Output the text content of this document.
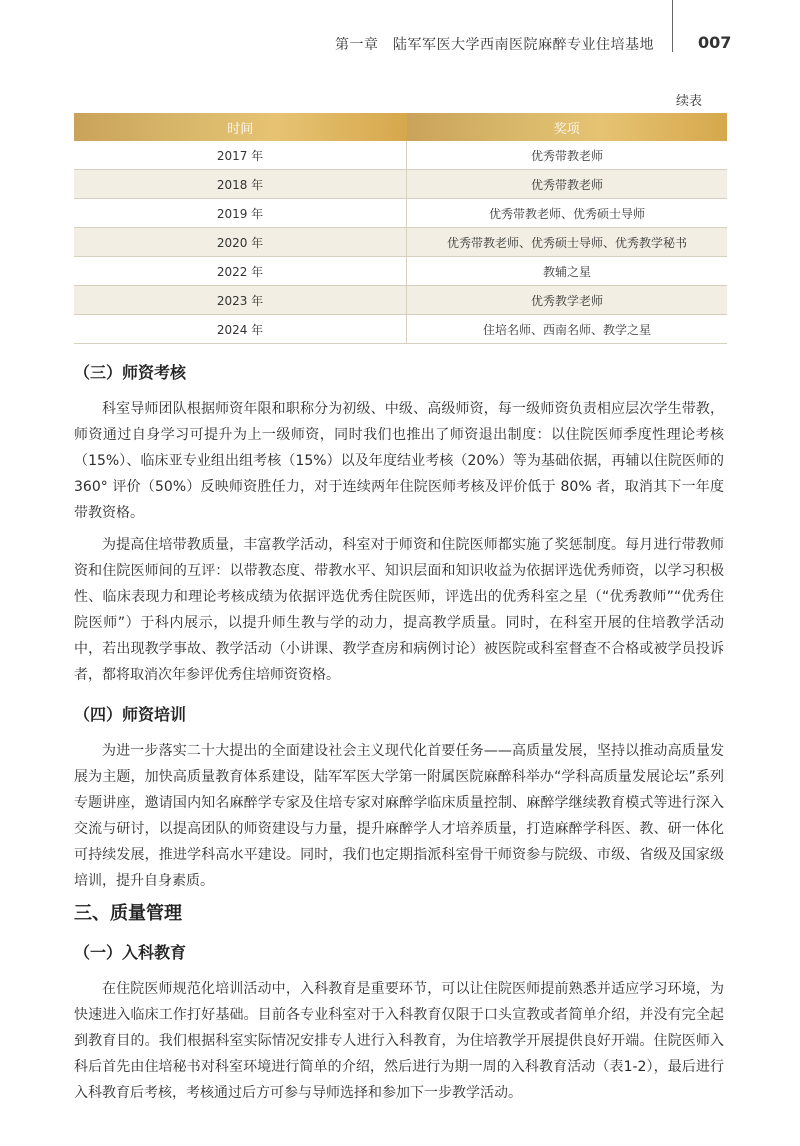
第一章　陆军军医大学西南医院麻醉专业住培基地	007
续表
时间	奖项
2017 年	优秀带教老师
2018 年	优秀带教老师
2019 年	优秀带教老师、优秀硕士导师
2020 年	优秀带教老师、优秀硕士导师、优秀教学秘书
2022 年	教辅之星
2023 年	优秀教学老师
2024 年	住培名师、西南名师、教学之星
（三）师资考核

科室导师团队根据师资年限和职称分为初级、中级、高级师资，每一级师资负责相应层次学生带教，师资通过自身学习可提升为上一级师资，同时我们也推出了师资退出制度：以住院医师季度性理论考核（15%）、临床亚专业组出组考核（15%）以及年度结业考核（20%）等为基础依据，再辅以住院医师的 360° 评价（50%）反映师资胜任力，对于连续两年住院医师考核及评价低于 80% 者，取消其下一年度带教资格。

为提高住培带教质量，丰富教学活动，科室对于师资和住院医师都实施了奖惩制度。每月进行带教师资和住院医师间的互评：以带教态度、带教水平、知识层面和知识收益为依据评选优秀师资，以学习积极性、临床表现力和理论考核成绩为依据评选优秀住院医师，评选出的优秀科室之星（“优秀教师”“优秀住院医师”）于科内展示，以提升师生教与学的动力，提高教学质量。同时，在科室开展的住培教学活动中，若出现教学事故、教学活动（小讲课、教学查房和病例讨论）被医院或科室督查不合格或被学员投诉者，都将取消次年参评优秀住培师资资格。

（四）师资培训

为进一步落实二十大提出的全面建设社会主义现代化首要任务——高质量发展，坚持以推动高质量发展为主题，加快高质量教育体系建设，陆军军医大学第一附属医院麻醉科举办“学科高质量发展论坛”系列专题讲座，邀请国内知名麻醉学专家及住培专家对麻醉学临床质量控制、麻醉学继续教育模式等进行深入交流与研讨，以提高团队的师资建设与力量，提升麻醉学人才培养质量，打造麻醉学科医、教、研一体化可持续发展，推进学科高水平建设。同时，我们也定期指派科室骨干师资参与院级、市级、省级及国家级培训，提升自身素质。

三、质量管理
（一）入科教育

在住院医师规范化培训活动中，入科教育是重要环节，可以让住院医师提前熟悉并适应学习环境，为快速进入临床工作打好基础。目前各专业科室对于入科教育仅限于口头宣教或者简单介绍，并没有完全起到教育目的。我们根据科室实际情况安排专人进行入科教育，为住培教学开展提供良好开端。住院医师入科后首先由住培秘书对科室环境进行简单的介绍，然后进行为期一周的入科教育活动（表1-2），最后进行入科教育后考核，考核通过后方可参与导师选择和参加下一步教学活动。
